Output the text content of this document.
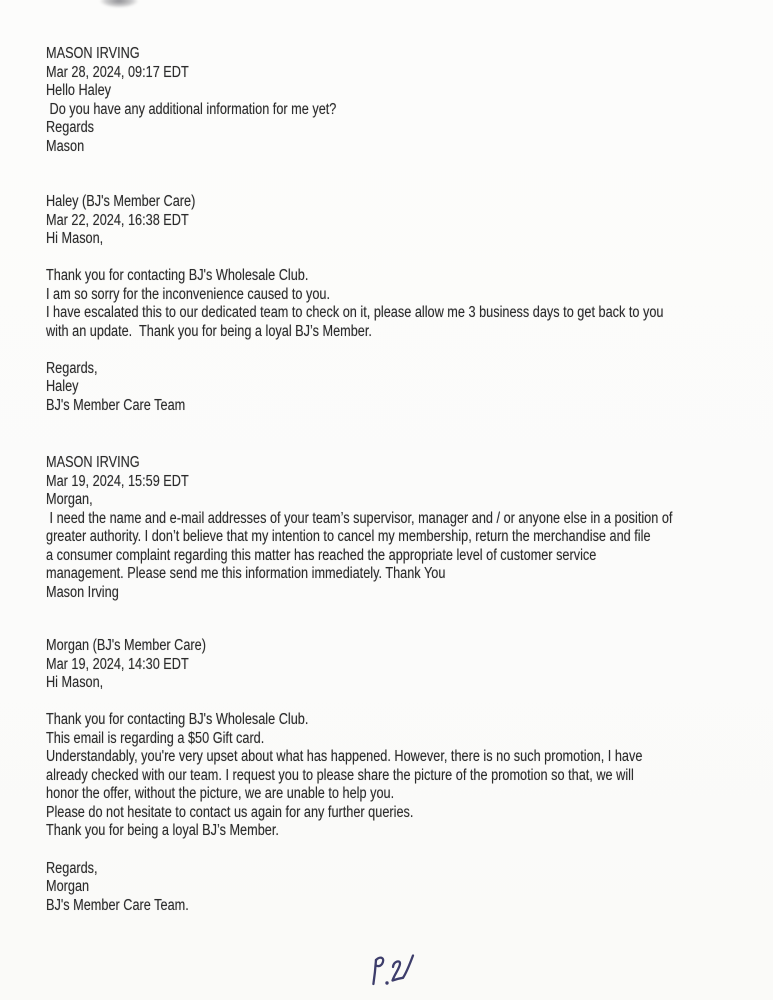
MASON IRVING
Mar 28, 2024, 09:17 EDT
Hello Haley
Do you have any additional information for me yet?
Regards
Mason
Haley (BJ's Member Care)
Mar 22, 2024, 16:38 EDT
Hi Mason,
Thank you for contacting BJ's Wholesale Club.
I am so sorry for the inconvenience caused to you.
I have escalated this to our dedicated team to check on it, please allow me 3 business days to get back to you
with an update.  Thank you for being a loyal BJ’s Member.
Regards,
Haley
BJ's Member Care Team
MASON IRVING
Mar 19, 2024, 15:59 EDT
Morgan,
I need the name and e-mail addresses of your team’s supervisor, manager and / or anyone else in a position of
greater authority. I don’t believe that my intention to cancel my membership, return the merchandise and file
a consumer complaint regarding this matter has reached the appropriate level of customer service
management. Please send me this information immediately. Thank You
Mason Irving
Morgan (BJ's Member Care)
Mar 19, 2024, 14:30 EDT
Hi Mason,
Thank you for contacting BJ's Wholesale Club.
This email is regarding a $50 Gift card.
Understandably, you're very upset about what has happened. However, there is no such promotion, I have
already checked with our team. I request you to please share the picture of the promotion so that, we will
honor the offer, without the picture, we are unable to help you.
Please do not hesitate to contact us again for any further queries.
Thank you for being a loyal BJ’s Member.
Regards,
Morgan
BJ's Member Care Team.
